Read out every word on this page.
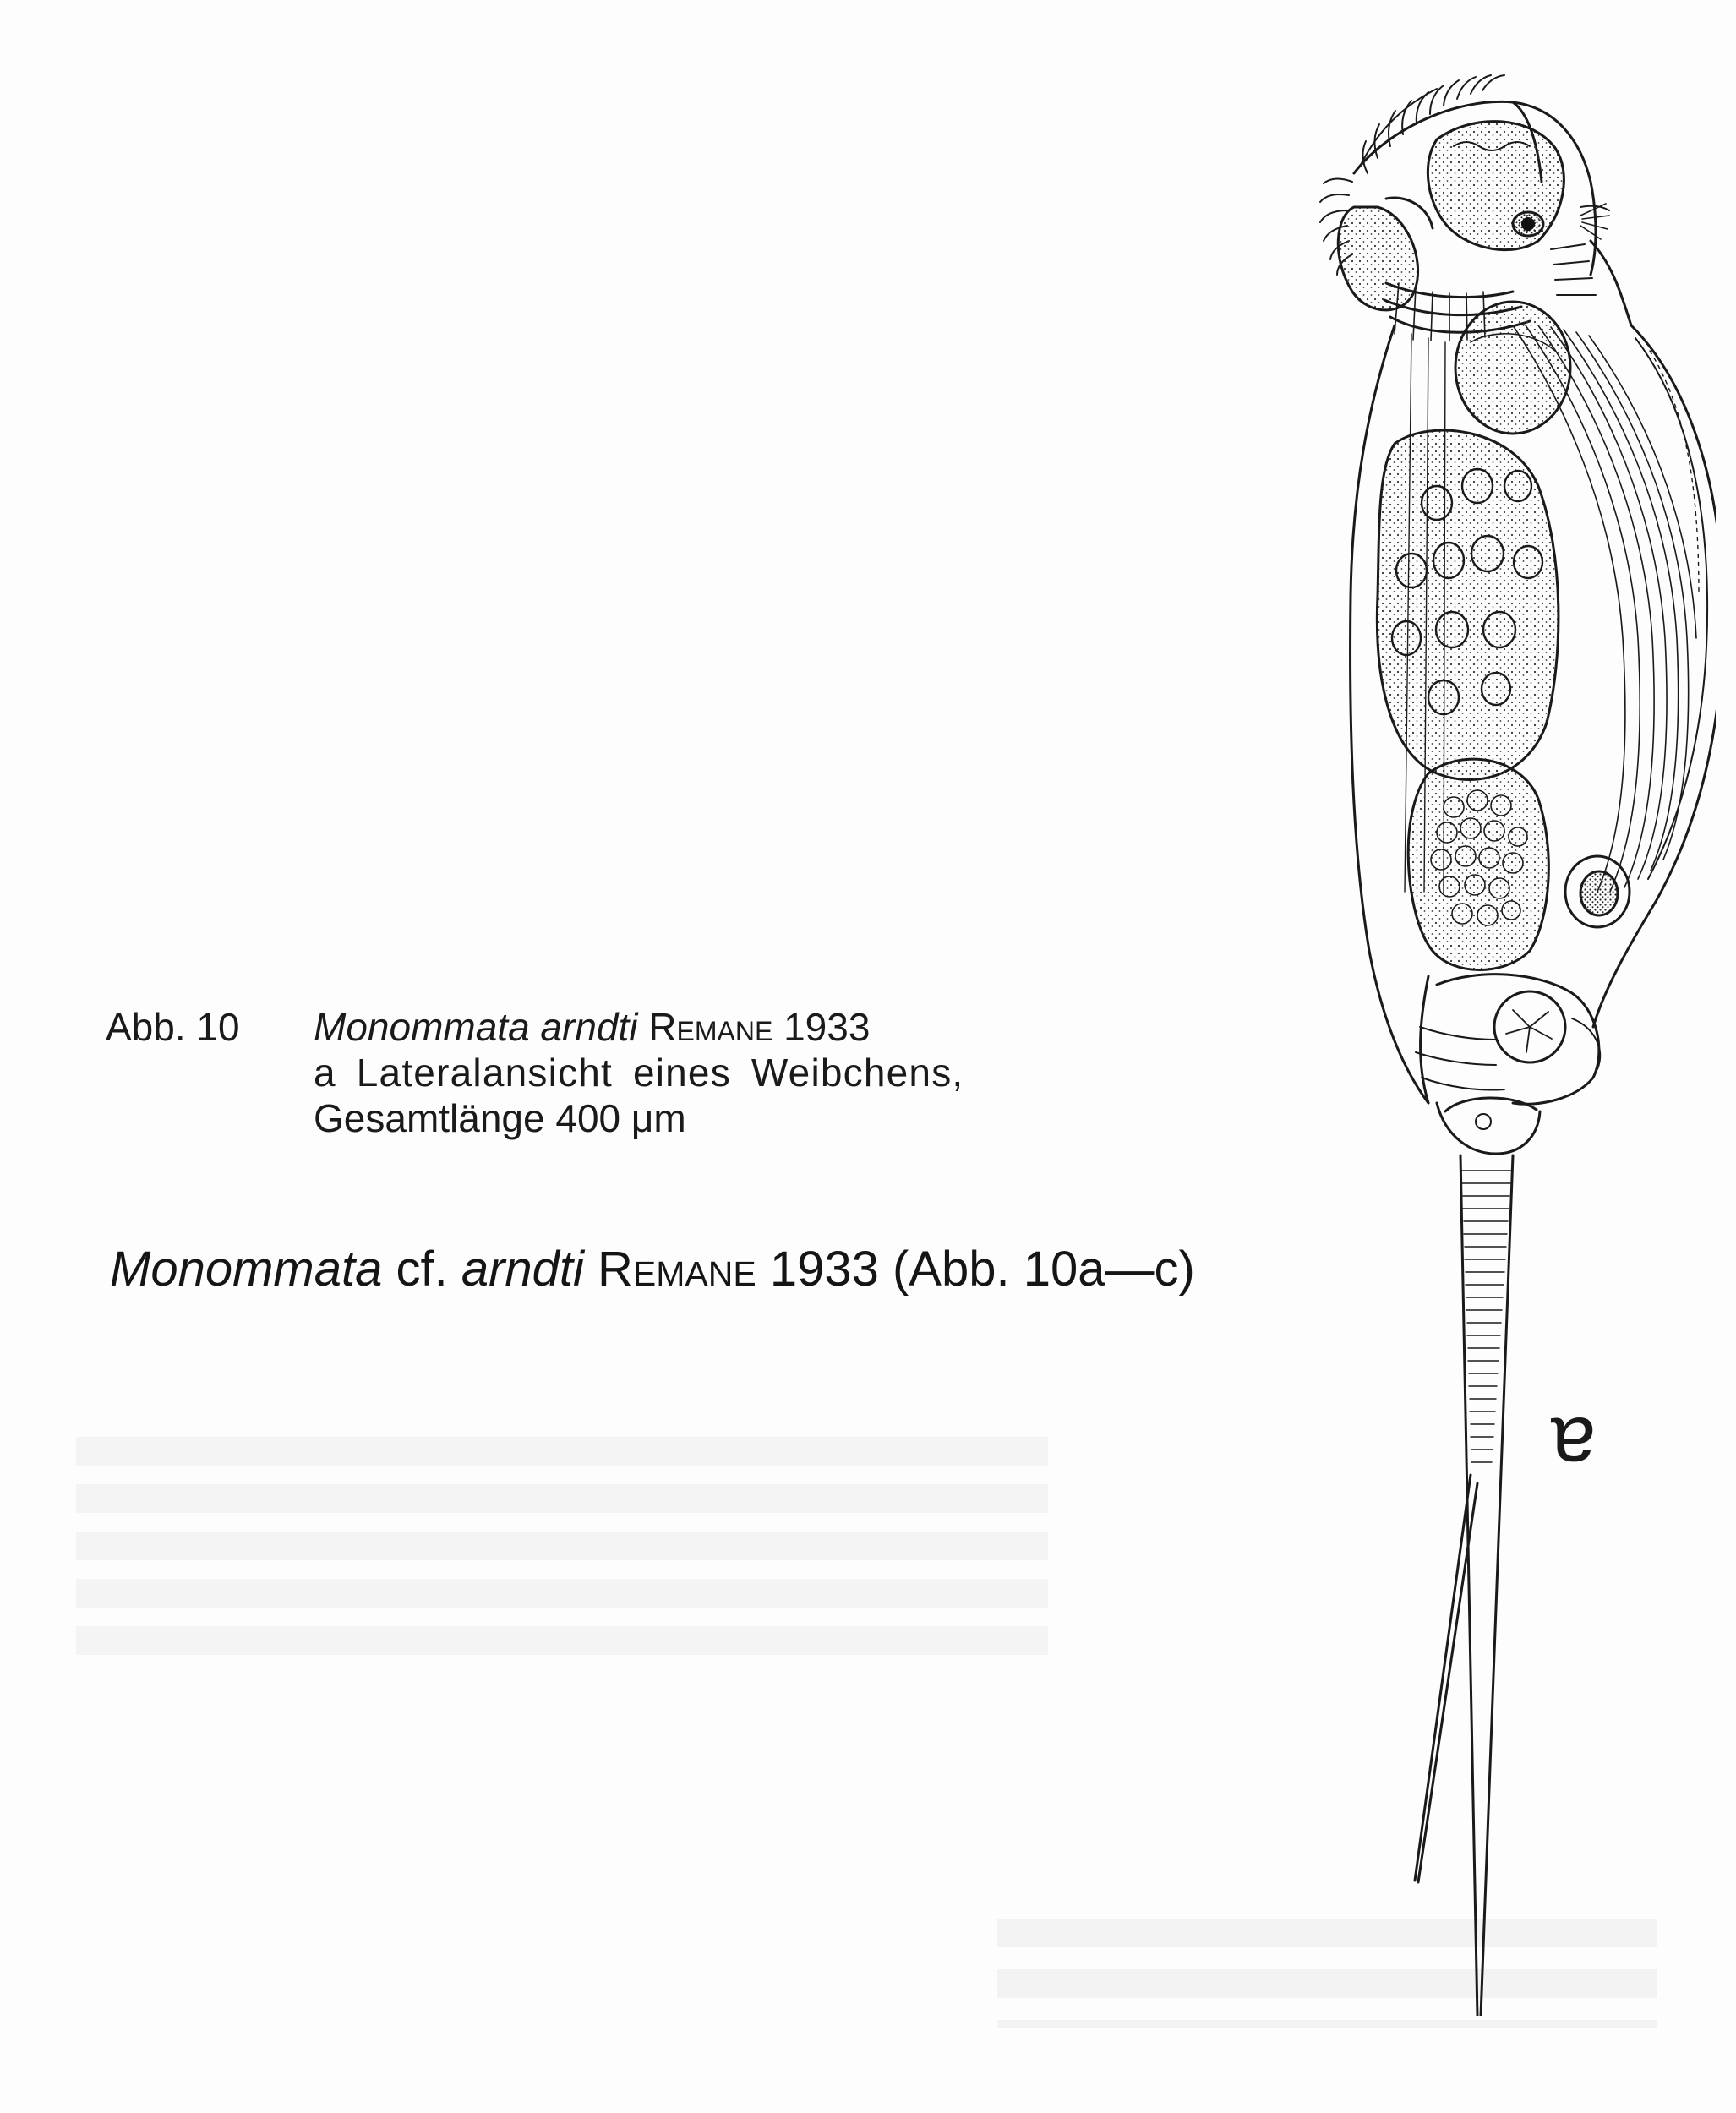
Abb. 10	Monommata arndti Remane 1933
a Lateralansicht eines Weibchens,
Gesamtlänge 400 μm
Monommata cf. arndti Remane 1933 (Abb. 10a—c)
a
